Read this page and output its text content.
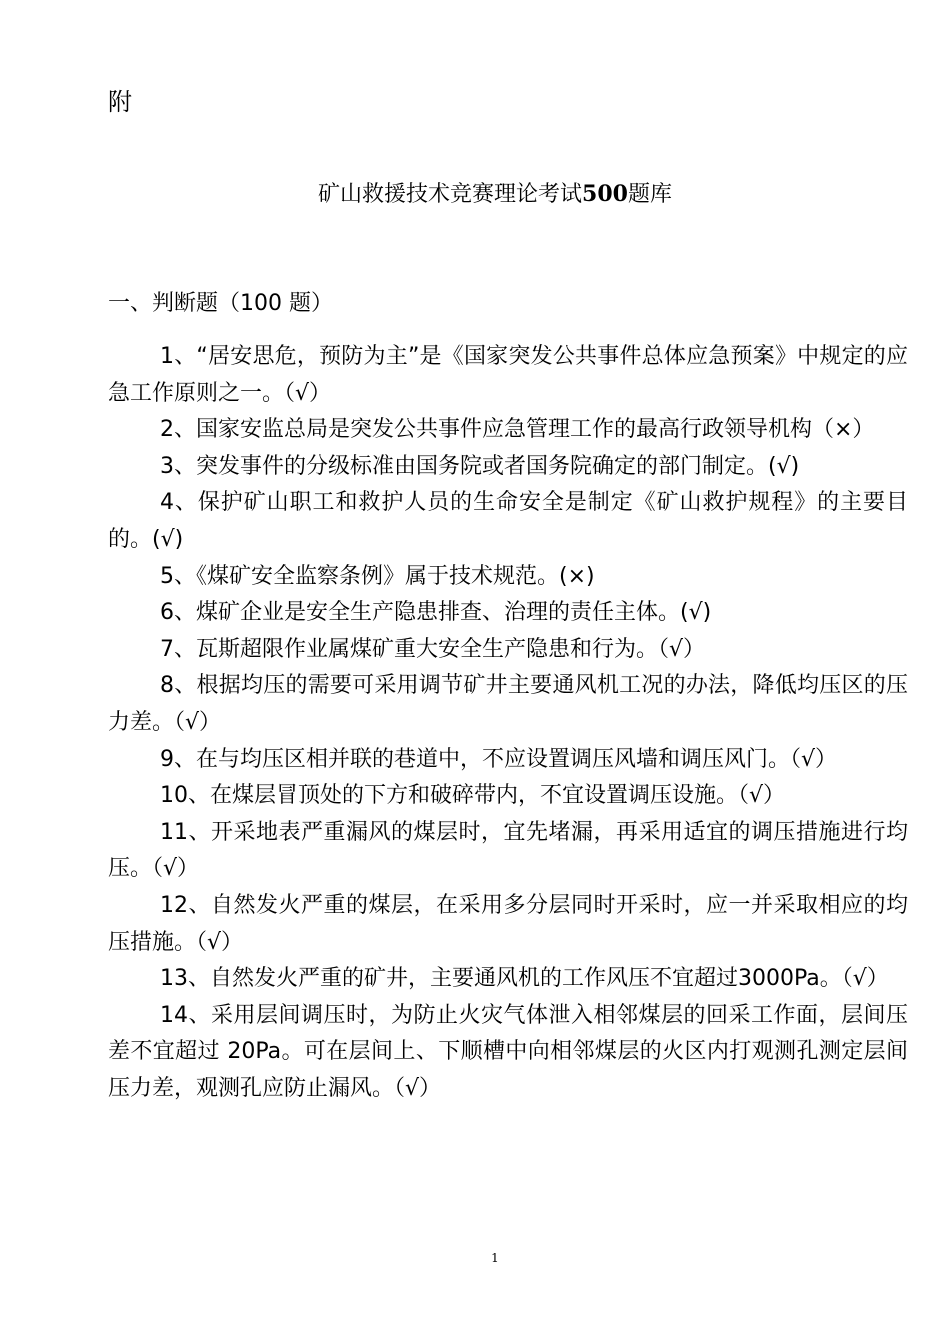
附
矿山救援技术竞赛理论考试500题库
一、判断题（100 题）

1、“居安思危，预防为主”是《国家突发公共事件总体应急预案》中规定的应急工作原则之一。（√）

2、国家安监总局是突发公共事件应急管理工作的最高行政领导机构（×）

3、突发事件的分级标准由国务院或者国务院确定的部门制定。(√)

4、保护矿山职工和救护人员的生命安全是制定《矿山救护规程》的主要目的。(√)

5、《煤矿安全监察条例》属于技术规范。(×)

6、煤矿企业是安全生产隐患排查、治理的责任主体。(√)

7、瓦斯超限作业属煤矿重大安全生产隐患和行为。（√）

8、根据均压的需要可采用调节矿井主要通风机工况的办法，降低均压区的压力差。（√）

9、在与均压区相并联的巷道中，不应设置调压风墙和调压风门。（√）

10、在煤层冒顶处的下方和破碎带内，不宜设置调压设施。（√）

11、开采地表严重漏风的煤层时，宜先堵漏，再采用适宜的调压措施进行均压。（√）

12、自然发火严重的煤层，在采用多分层同时开采时，应一并采取相应的均压措施。（√）

13、自然发火严重的矿井，主要通风机的工作风压不宜超过3000Pa。（√）

14、采用层间调压时，为防止火灾气体泄入相邻煤层的回采工作面，层间压差不宜超过 20Pa。可在层间上、下顺槽中向相邻煤层的火区内打观测孔测定层间压力差，观测孔应防止漏风。（√）

1
